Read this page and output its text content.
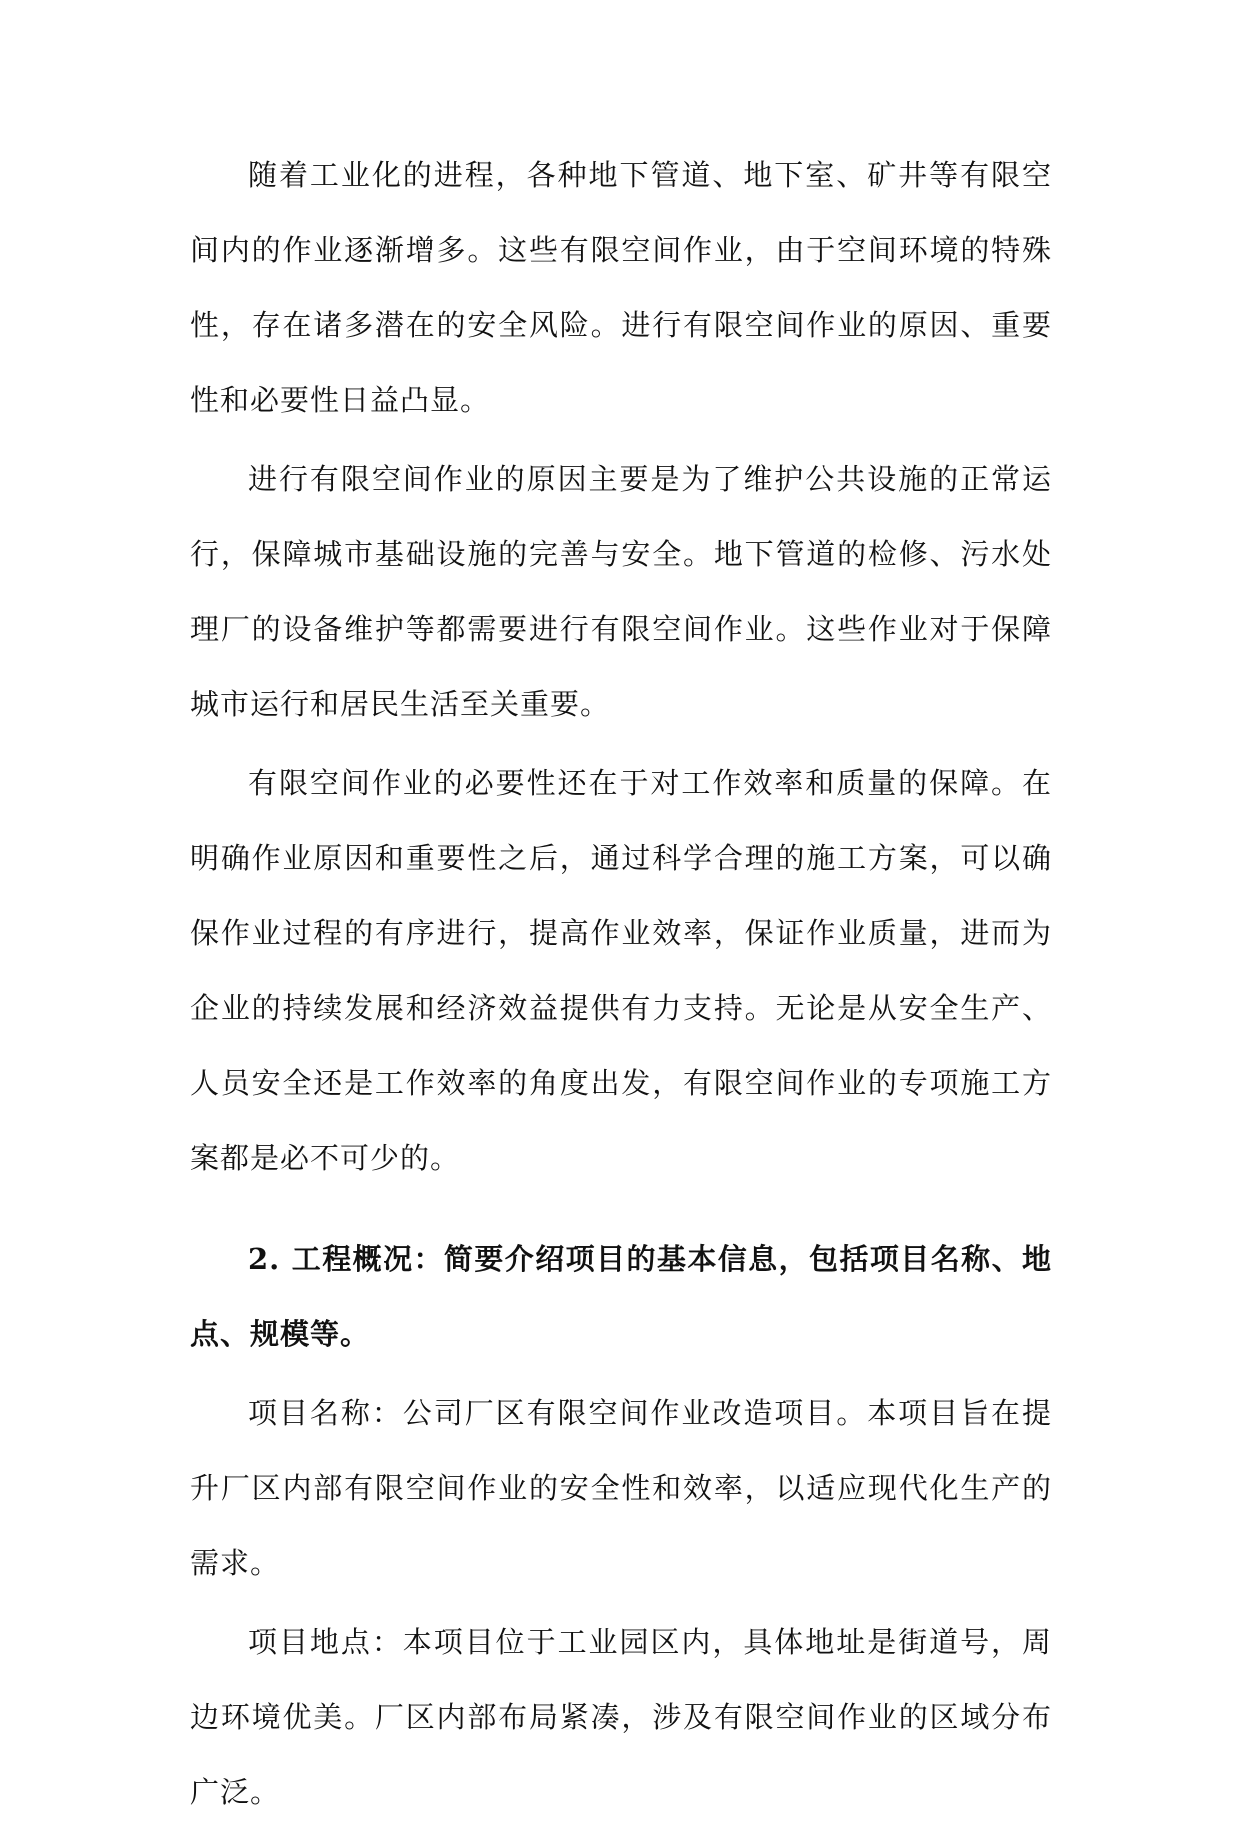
随着工业化的进程，各种地下管道、地下室、矿井等有限空间内的作业逐渐增多。这些有限空间作业，由于空间环境的特殊性，存在诸多潜在的安全风险。进行有限空间作业的原因、重要性和必要性日益凸显。

进行有限空间作业的原因主要是为了维护公共设施的正常运行，保障城市基础设施的完善与安全。地下管道的检修、污水处理厂的设备维护等都需要进行有限空间作业。这些作业对于保障城市运行和居民生活至关重要。

有限空间作业的必要性还在于对工作效率和质量的保障。在明确作业原因和重要性之后，通过科学合理的施工方案，可以确保作业过程的有序进行，提高作业效率，保证作业质量，进而为企业的持续发展和经济效益提供有力支持。无论是从安全生产、人员安全还是工作效率的角度出发，有限空间作业的专项施工方案都是必不可少的。

2. 工程概况：简要介绍项目的基本信息，包括项目名称、地点、规模等。

项目名称：公司厂区有限空间作业改造项目。本项目旨在提升厂区内部有限空间作业的安全性和效率，以适应现代化生产的需求。

项目地点：本项目位于工业园区内，具体地址是街道号，周边环境优美。厂区内部布局紧凑，涉及有限空间作业的区域分布广泛。
